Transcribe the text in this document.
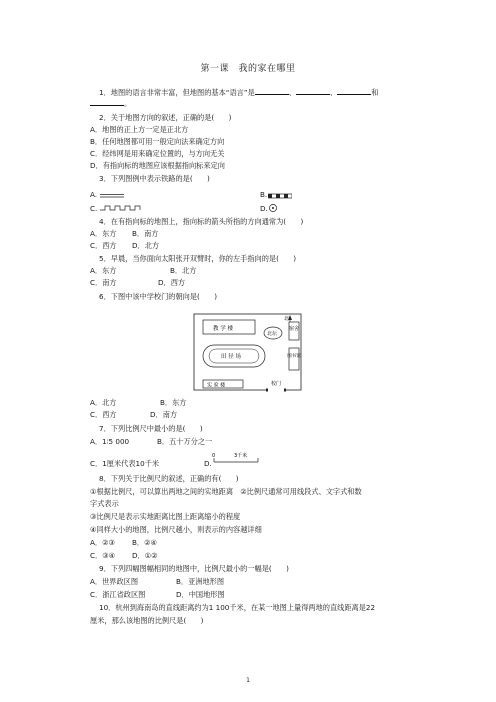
第一课　我的家在哪里
1．地图的语言非常丰富，但地图的基本“语言”是	、	、	和
。
2．关于地图方向的叙述，正确的是(　　)
A．地图的正上方一定是正北方
B．任何地图都可用一般定向法来确定方向
C．经纬网是用来确定位置的，与方向无关
D．有指向标的地图应该根据指向标来定向
3．下列图例中表示铁路的是(　　)
A.	B.
C.	D.
4．在有指向标的地图上，指向标的箭头所指的方向通常为(　　)
A．东方 B．南方
C．西方 D．北方
5．早晨，当你面向太阳张开双臂时，你的左手指向的是(　　)
A．东方	B．北方
C．南方	D．西方
6．下图中该中学校门的朝向是(　　)
北
教 学 楼
北坛
宿舍
田 径 场	图书馆
实 验 楼	校门
A．北方	B．东方
C．西方	D．南方
7．下列比例尺中最小的是(　　)
A．1∶5 000	B．五十万分之一
C．1厘米代表10千米	D.
0	3千米
8．下列关于比例尺的叙述，正确的有(　　)
①根据比例尺，可以算出两地之间的实地距离　②比例尺通常可用线段式、文字式和数
字式表示
③比例尺是表示实地距离比图上距离缩小的程度
④同样大小的地图，比例尺越小，则表示的内容越详细
A．②③ B．②④
C．③④ D．①②
9．下列四幅图幅相同的地图中，比例尺最小的一幅是(　　)
A．世界政区图	B．亚洲地形图
C．浙江省政区图	D．中国地形图
10．杭州到海南岛的直线距离约为1 100千米，在某一地图上量得两地的直线距离是22
厘米，那么该地图的比例尺是(　　)
1
